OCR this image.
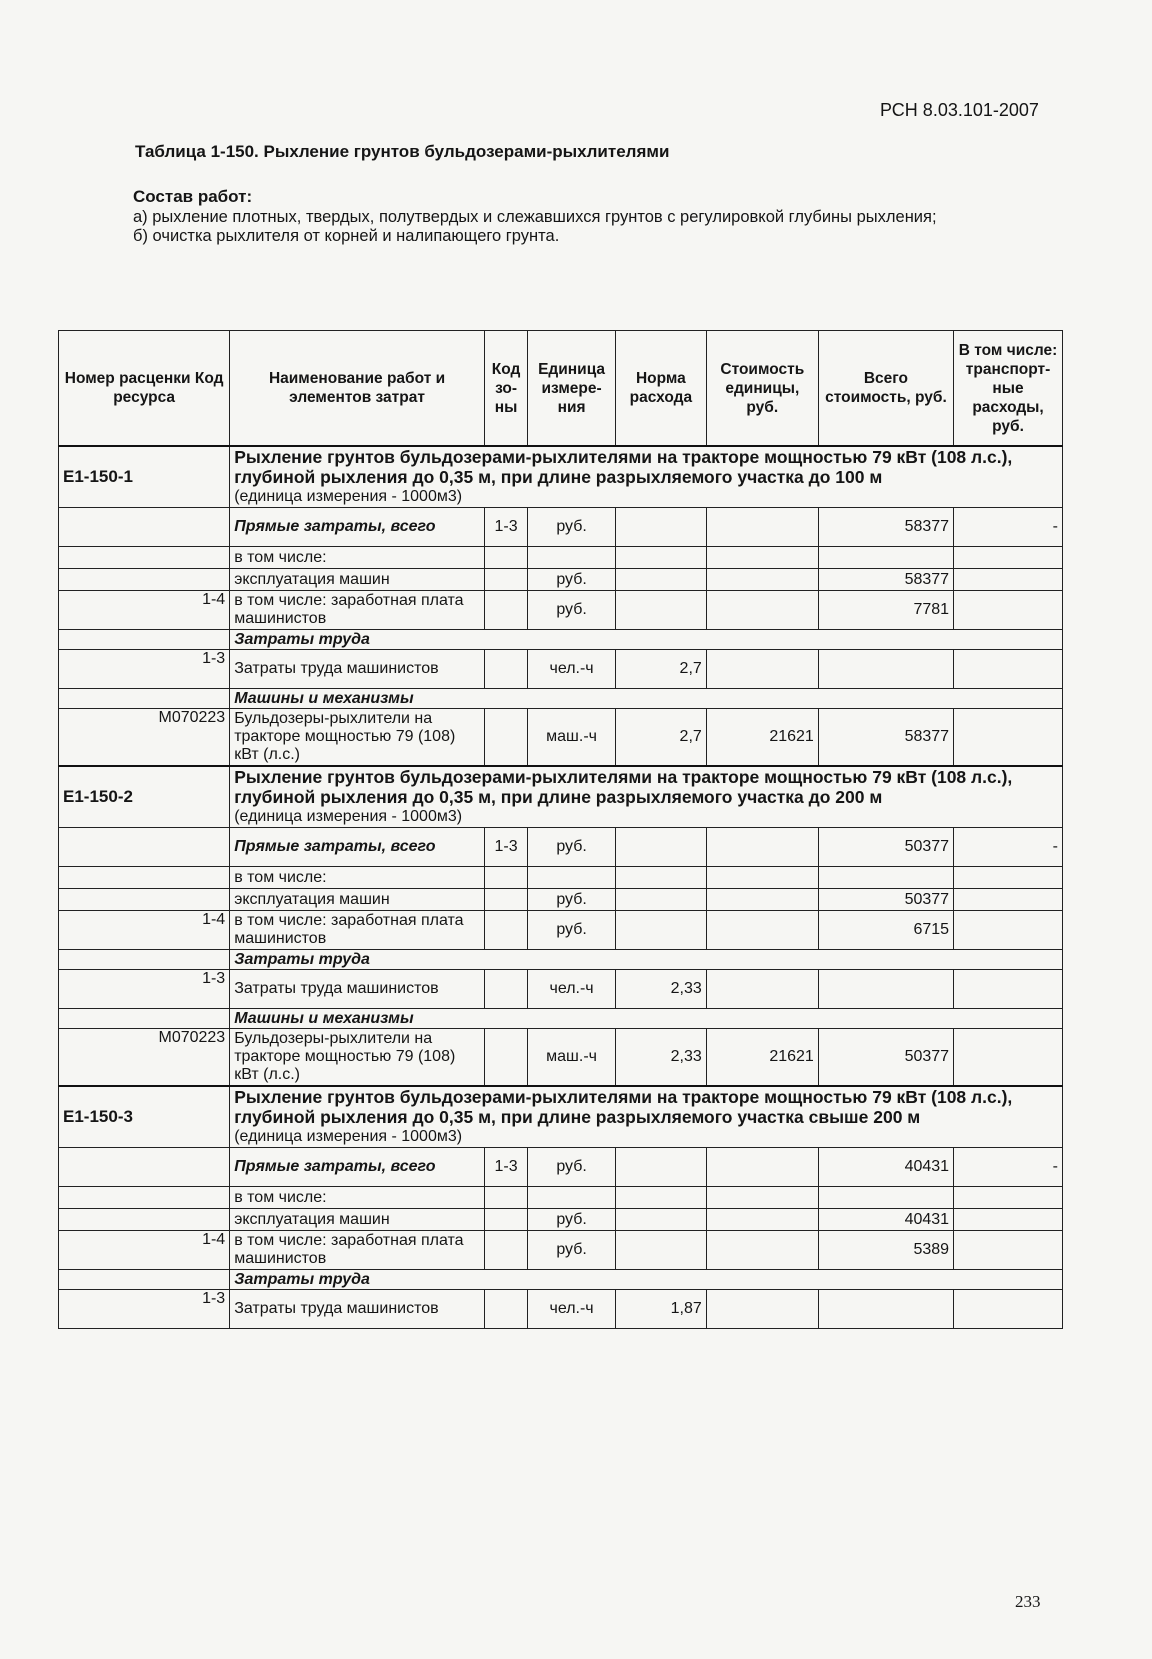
РСН 8.03.101-2007
Таблица 1-150. Рыхление грунтов бульдозерами-рыхлителями
Состав работ:
а) рыхление плотных, твердых, полутвердых и слежавшихся грунтов с регулировкой глубины рыхления;
б) очистка рыхлителя от корней и налипающего грунта.
Номер расценки Код ресурса	Наименование работ и элементов затрат	Код зо-ны	Единица измере-ния	Норма расхода	Стоимость единицы, руб.	Всего стоимость, руб.	В том числе: транспорт-ные расходы, руб.
Е1-150-1	Рыхление грунтов бульдозерами-рыхлителями на тракторе мощностью 79 кВт (108 л.с.), глубиной рыхления до 0,35 м, при длине разрыхляемого участка до 100 м
(единица измерения - 1000м3)						

	Прямые затраты, всего	1-3	руб.			58377	-
	в том числе:						
	эксплуатация машин		руб.			58377	
1-4	в том числе: заработная плата машинистов		руб.			7781	
	Затраты труда						
1-3	Затраты труда машинистов		чел.-ч	2,7			
	Машины и механизмы						
М070223	Бульдозеры-рыхлители на тракторе мощностью 79 (108) кВт (л.с.)		маш.-ч	2,7	21621	58377	
Е1-150-2	Рыхление грунтов бульдозерами-рыхлителями на тракторе мощностью 79 кВт (108 л.с.), глубиной рыхления до 0,35 м, при длине разрыхляемого участка до 200 м
(единица измерения - 1000м3)						

	Прямые затраты, всего	1-3	руб.			50377	-
	в том числе:						
	эксплуатация машин		руб.			50377	
1-4	в том числе: заработная плата машинистов		руб.			6715	
	Затраты труда						
1-3	Затраты труда машинистов		чел.-ч	2,33			
	Машины и механизмы						
М070223	Бульдозеры-рыхлители на тракторе мощностью 79 (108) кВт (л.с.)		маш.-ч	2,33	21621	50377	
Е1-150-3	Рыхление грунтов бульдозерами-рыхлителями на тракторе мощностью 79 кВт (108 л.с.), глубиной рыхления до 0,35 м, при длине разрыхляемого участка свыше 200 м
(единица измерения - 1000м3)						

	Прямые затраты, всего	1-3	руб.			40431	-
	в том числе:						
	эксплуатация машин		руб.			40431	
1-4	в том числе: заработная плата машинистов		руб.			5389	
	Затраты труда						
1-3	Затраты труда машинистов		чел.-ч	1,87			
233
